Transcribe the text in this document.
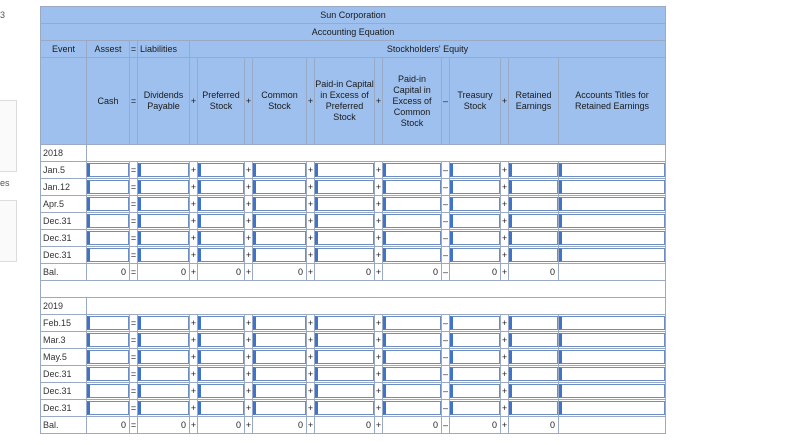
3
es
Sun Corporation																
Accounting Equation																
Event	Assest	=	Liabilities	Stockholders' Equity												
	Cash	=	Dividends Payable	+	Preferred Stock	+	Common Stock	+	Paid-in Capital in Excess of Preferred Stock	+	Paid-in Capital in Excess of Common Stock	–	Treasury Stock	+	Retained Earnings	Accounts Titles for Retained Earnings
2018																
Jan.5		=		+		+		+		+		–		+		
Jan.12		=		+		+		+		+		–		+		
Apr.5		=		+		+		+		+		–		+		
Dec.31		=		+		+		+		+		–		+		
Dec.31		=		+		+		+		+		–		+		
Dec.31		=		+		+		+		+		–		+		
Bal.	0	=	0	+	0	+	0	+	0	+	0	–	0	+	0	

2019																
Feb.15		=		+		+		+		+		–		+		
Mar.3		=		+		+		+		+		–		+		
May.5		=		+		+		+		+		–		+		
Dec.31		=		+		+		+		+		–		+		
Dec.31		=		+		+		+		+		–		+		
Dec.31		=		+		+		+		+		–		+		
Bal.	0	=	0	+	0	+	0	+	0	+	0	–	0	+	0	
